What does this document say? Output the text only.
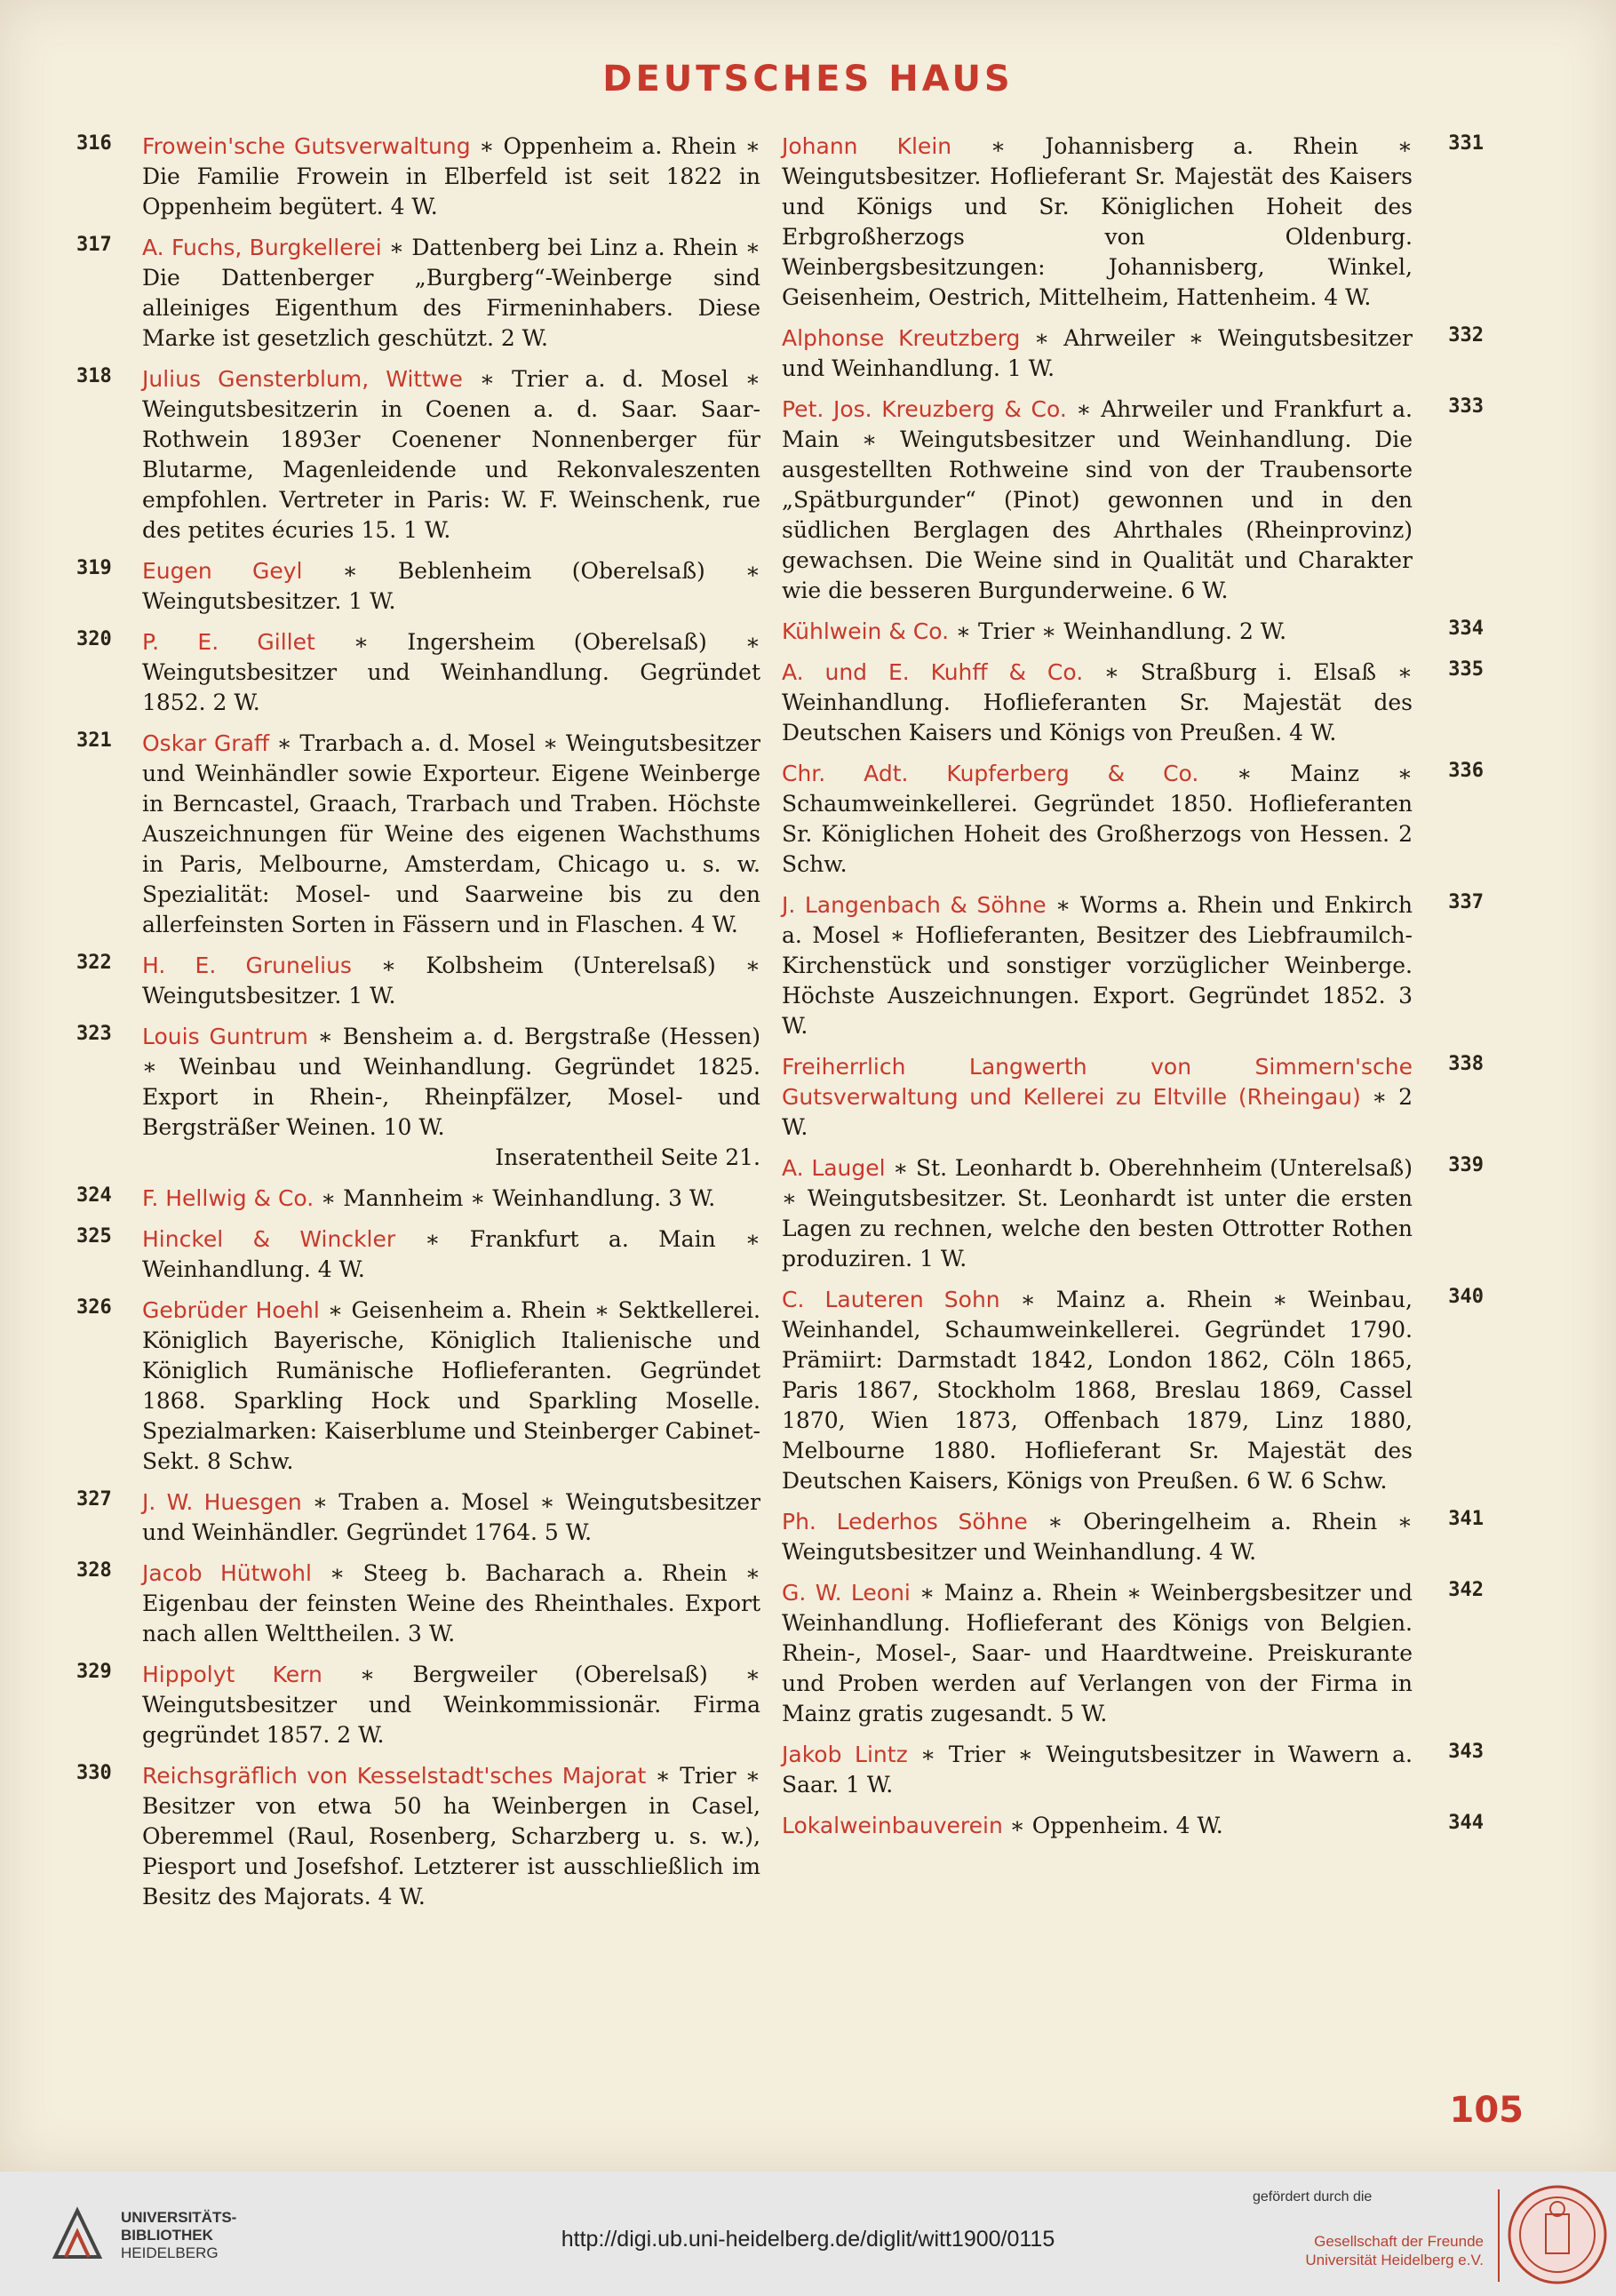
DEUTSCHES HAUS
316 Frowein'sche Gutsverwaltung ∗ Oppenheim a. Rhein ∗ Die Familie Frowein in Elberfeld ist seit 1822 in Oppenheim begütert. 4 W.
317 A. Fuchs, Burgkellerei ∗ Dattenberg bei Linz a. Rhein ∗ Die Dattenberger „Burgberg“-Weinberge sind alleiniges Eigenthum des Firmeninhabers. Diese Marke ist gesetzlich geschützt. 2 W.
318 Julius Gensterblum, Wittwe ∗ Trier a. d. Mosel ∗ Weingutsbesitzerin in Coenen a. d. Saar. Saar-Rothwein 1893er Coenener Nonnenberger für Blutarme, Magenleidende und Rekonvaleszenten empfohlen. Vertreter in Paris: W. F. Weinschenk, rue des petites écuries 15. 1 W.
319 Eugen Geyl ∗ Beblenheim (Oberelsaß) ∗ Weingutsbesitzer. 1 W.
320 P. E. Gillet ∗ Ingersheim (Oberelsaß) ∗ Weingutsbesitzer und Weinhandlung. Gegründet 1852. 2 W.
321 Oskar Graff ∗ Trarbach a. d. Mosel ∗ Weingutsbesitzer und Weinhändler sowie Exporteur. Eigene Weinberge in Berncastel, Graach, Trarbach und Traben. Höchste Auszeichnungen für Weine des eigenen Wachsthums in Paris, Melbourne, Amsterdam, Chicago u. s. w. Spezialität: Mosel- und Saarweine bis zu den allerfeinsten Sorten in Fässern und in Flaschen. 4 W.
322 H. E. Grunelius ∗ Kolbsheim (Unterelsaß) ∗ Weingutsbesitzer. 1 W.
323 Louis Guntrum ∗ Bensheim a. d. Bergstraße (Hessen) ∗ Weinbau und Weinhandlung. Gegründet 1825. Export in Rhein-, Rheinpfälzer, Mosel- und Bergsträßer Weinen. 10 W.
Inseratentheil Seite 21.
324 F. Hellwig & Co. ∗ Mannheim ∗ Weinhandlung. 3 W.
325 Hinckel & Winckler ∗ Frankfurt a. Main ∗ Weinhandlung. 4 W.
326 Gebrüder Hoehl ∗ Geisenheim a. Rhein ∗ Sektkellerei. Königlich Bayerische, Königlich Italienische und Königlich Rumänische Hoflieferanten. Gegründet 1868. Sparkling Hock und Sparkling Moselle. Spezialmarken: Kaiserblume und Steinberger Cabinet-Sekt. 8 Schw.
327 J. W. Huesgen ∗ Traben a. Mosel ∗ Weingutsbesitzer und Weinhändler. Gegründet 1764. 5 W.
328 Jacob Hütwohl ∗ Steeg b. Bacharach a. Rhein ∗ Eigenbau der feinsten Weine des Rheinthales. Export nach allen Welttheilen. 3 W.
329 Hippolyt Kern ∗ Bergweiler (Oberelsaß) ∗ Weingutsbesitzer und Weinkommissionär. Firma gegründet 1857. 2 W.
330 Reichsgräflich von Kesselstadt'sches Majorat ∗ Trier ∗ Besitzer von etwa 50 ha Weinbergen in Casel, Oberemmel (Raul, Rosenberg, Scharzberg u. s. w.), Piesport und Josefshof. Letzterer ist ausschließlich im Besitz des Majorats. 4 W.
331
Johann Klein ∗ Johannisberg a. Rhein ∗ Weingutsbesitzer. Hoflieferant Sr. Majestät des Kaisers und Königs und Sr. Königlichen Hoheit des Erbgroßherzogs von Oldenburg. Weinbergsbesitzungen: Johannisberg, Winkel, Geisenheim, Oestrich, Mittelheim, Hattenheim. 4 W.
332
Alphonse Kreutzberg ∗ Ahrweiler ∗ Weingutsbesitzer und Weinhandlung. 1 W.
333
Pet. Jos. Kreuzberg & Co. ∗ Ahrweiler und Frankfurt a. Main ∗ Weingutsbesitzer und Weinhandlung. Die ausgestellten Rothweine sind von der Traubensorte „Spätburgunder“ (Pinot) gewonnen und in den südlichen Berglagen des Ahrthales (Rheinprovinz) gewachsen. Die Weine sind in Qualität und Charakter wie die besseren Burgunderweine. 6 W.
334
Kühlwein & Co. ∗ Trier ∗ Weinhandlung. 2 W.
335
A. und E. Kuhff & Co. ∗ Straßburg i. Elsaß ∗ Weinhandlung. Hoflieferanten Sr. Majestät des Deutschen Kaisers und Königs von Preußen. 4 W.
336
Chr. Adt. Kupferberg & Co. ∗ Mainz ∗ Schaumweinkellerei. Gegründet 1850. Hoflieferanten Sr. Königlichen Hoheit des Großherzogs von Hessen. 2 Schw.
337
J. Langenbach & Söhne ∗ Worms a. Rhein und Enkirch a. Mosel ∗ Hoflieferanten, Besitzer des Liebfraumilch-Kirchenstück und sonstiger vorzüglicher Weinberge. Höchste Auszeichnungen. Export. Gegründet 1852. 3 W.
338
Freiherrlich Langwerth von Simmern'sche Gutsverwaltung und Kellerei zu Eltville (Rheingau) ∗ 2 W.
339
A. Laugel ∗ St. Leonhardt b. Oberehnheim (Unterelsaß) ∗ Weingutsbesitzer. St. Leonhardt ist unter die ersten Lagen zu rechnen, welche den besten Ottrotter Rothen produziren. 1 W.
340
C. Lauteren Sohn ∗ Mainz a. Rhein ∗ Weinbau, Weinhandel, Schaumweinkellerei. Gegründet 1790. Prämiirt: Darmstadt 1842, London 1862, Cöln 1865, Paris 1867, Stockholm 1868, Breslau 1869, Cassel 1870, Wien 1873, Offenbach 1879, Linz 1880, Melbourne 1880. Hoflieferant Sr. Majestät des Deutschen Kaisers, Königs von Preußen. 6 W. 6 Schw.
341
Ph. Lederhos Söhne ∗ Oberingelheim a. Rhein ∗ Weingutsbesitzer und Weinhandlung. 4 W.
342
G. W. Leoni ∗ Mainz a. Rhein ∗ Weinbergsbesitzer und Weinhandlung. Hoflieferant des Königs von Belgien. Rhein-, Mosel-, Saar- und Haardtweine. Preiskurante und Proben werden auf Verlangen von der Firma in Mainz gratis zugesandt. 5 W.
343
Jakob Lintz ∗ Trier ∗ Weingutsbesitzer in Wawern a. Saar. 1 W.
344
Lokalweinbauverein ∗ Oppenheim. 4 W.
105
UNIVERSITÄTS-
BIBLIOTHEK
HEIDELBERG
http://digi.ub.uni-heidelberg.de/diglit/witt1900/0115
gefördert durch die
Gesellschaft der Freunde
Universität Heidelberg e.V.
